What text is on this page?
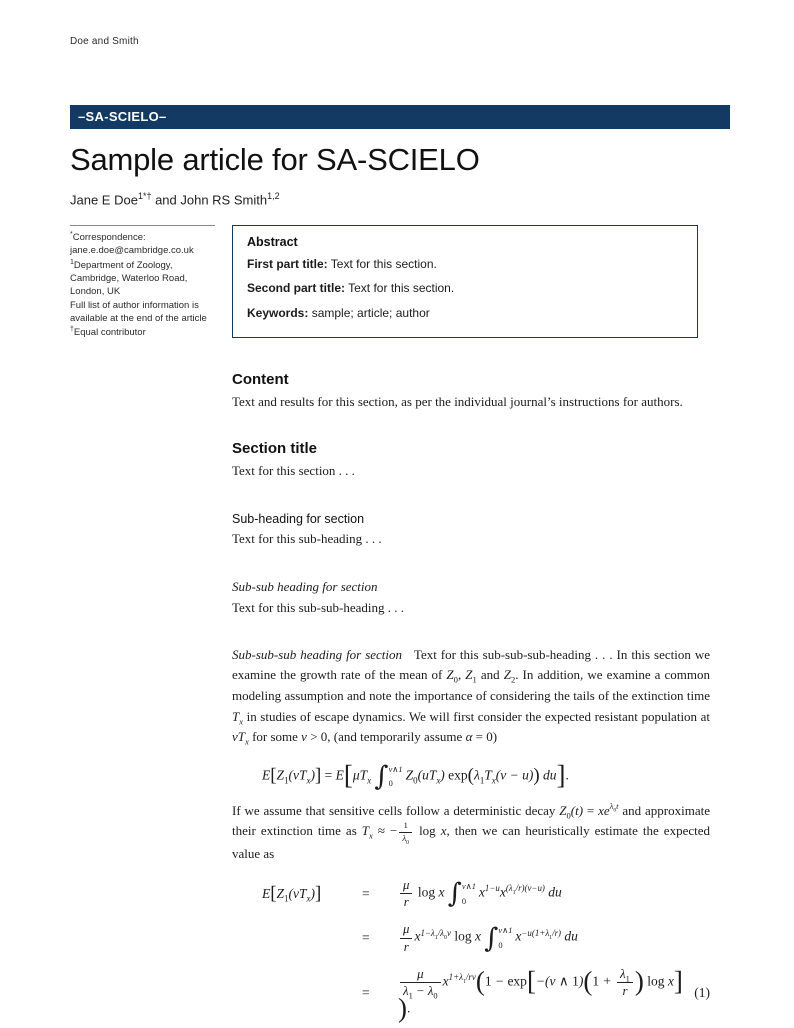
Doe and Smith
–SA-SCIELO–
Sample article for SA-SCIELO
Jane E Doe$^{1*\dagger}$ and John RS Smith$^{1,2}$
*Correspondence:
jane.e.doe@cambridge.co.uk
$^1$Department of Zoology,
Cambridge, Waterloo Road,
London, UK
Full list of author information is
available at the end of the article
†Equal contributor
Abstract
First part title: Text for this section.
Second part title: Text for this section.
Keywords: sample; article; author
Content

Text and results for this section, as per the individual journal’s instructions for authors.

Section title

Text for this section . . .

Sub-heading for section

Text for this sub-heading . . .

Sub-sub heading for section

Text for this sub-sub-heading . . .

Sub-sub-sub heading for section   Text for this sub-sub-sub-heading . . . In this section we examine the growth rate of the mean of $Z_0$, $Z_1$ and $Z_2$. In addition, we examine a common modeling assumption and note the importance of considering the tails of the extinction time $T_x$ in studies of escape dynamics. We will first consider the expected resistant population at $vT_x$ for some v > 0, (and temporarily assume α = 0)

$E[Z_1(vT_x)] = E[\mu T_x$ ∫ v∧1
0
$Z_0(uT_x) \exp(\lambda_1T_x(v - u))$ du].

If we assume that sensitive cells follow a deterministic decay $Z_0(t) = xe^{\lambda_0t}$ and approximate their extinction time as $T_x$ ≈ − $\frac{1}{\lambda_0}$ log x, then we can heuristically estimate the expected value as

$E[Z_1(vT_x)]$	=	$\frac{\mu}{r}$ log x ∫ v∧1
0
$x^{1-u}x^{(\lambda_1/r)(v-u)}$ du
=	$\frac{\mu}{r} x^{1-\lambda_1/\lambda_0v}$ log x ∫ v∧1
0
$x^{-u(1+\lambda_1/r)}$ du
=	$\frac{\mu}{\lambda_1 - \lambda_0} x^{1+\lambda_1/rv}(1 - \exp[-(v$ ∧ $1)(1 + \frac{\lambda_1}{r}$ ) log x]).
(1)
